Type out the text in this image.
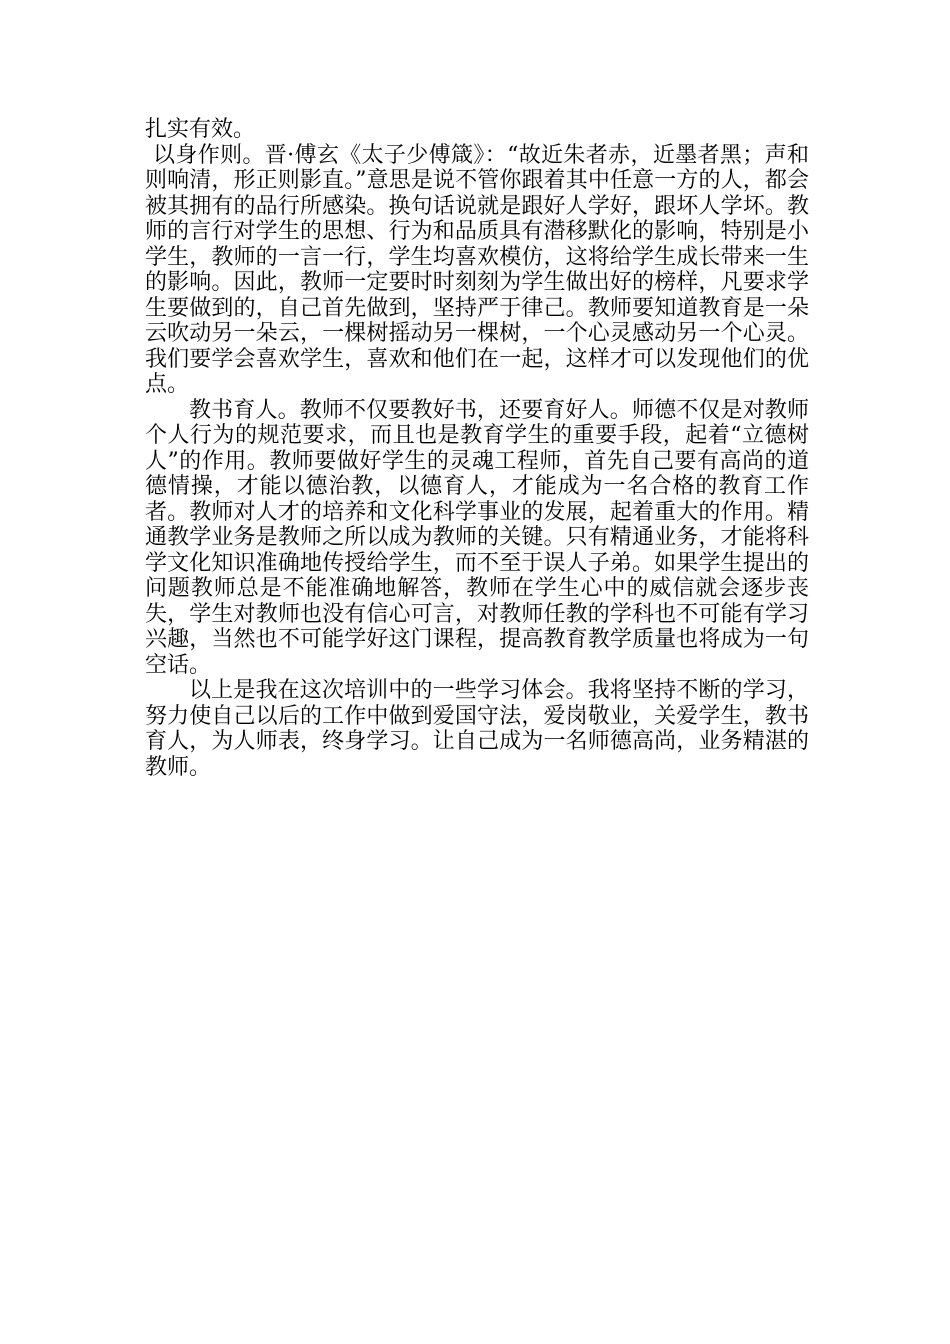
扎实有效。

以身作则。晋·傅玄《太子少傅箴》：“故近朱者赤，近墨者黑；声和则响清，形正则影直。”意思是说不管你跟着其中任意一方的人，都会被其拥有的品行所感染。换句话说就是跟好人学好，跟坏人学坏。教师的言行对学生的思想、行为和品质具有潜移默化的影响，特别是小学生，教师的一言一行，学生均喜欢模仿，这将给学生成长带来一生的影响。因此，教师一定要时时刻刻为学生做出好的榜样，凡要求学生要做到的，自己首先做到，坚持严于律己。教师要知道教育是一朵云吹动另一朵云，一棵树摇动另一棵树，一个心灵感动另一个心灵。我们要学会喜欢学生，喜欢和他们在一起，这样才可以发现他们的优点。

教书育人。教师不仅要教好书，还要育好人。师德不仅是对教师个人行为的规范要求，而且也是教育学生的重要手段，起着“立德树人”的作用。教师要做好学生的灵魂工程师，首先自己要有高尚的道德情操，才能以德治教，以德育人，才能成为一名合格的教育工作者。教师对人才的培养和文化科学事业的发展，起着重大的作用。精通教学业务是教师之所以成为教师的关键。只有精通业务，才能将科学文化知识准确地传授给学生，而不至于误人子弟。如果学生提出的问题教师总是不能准确地解答，教师在学生心中的威信就会逐步丧失，学生对教师也没有信心可言，对教师任教的学科也不可能有学习兴趣，当然也不可能学好这门课程，提高教育教学质量也将成为一句空话。

以上是我在这次培训中的一些学习体会。我将坚持不断的学习，努力使自己以后的工作中做到爱国守法，爱岗敬业，关爱学生，教书育人，为人师表，终身学习。让自己成为一名师德高尚，业务精湛的教师。
